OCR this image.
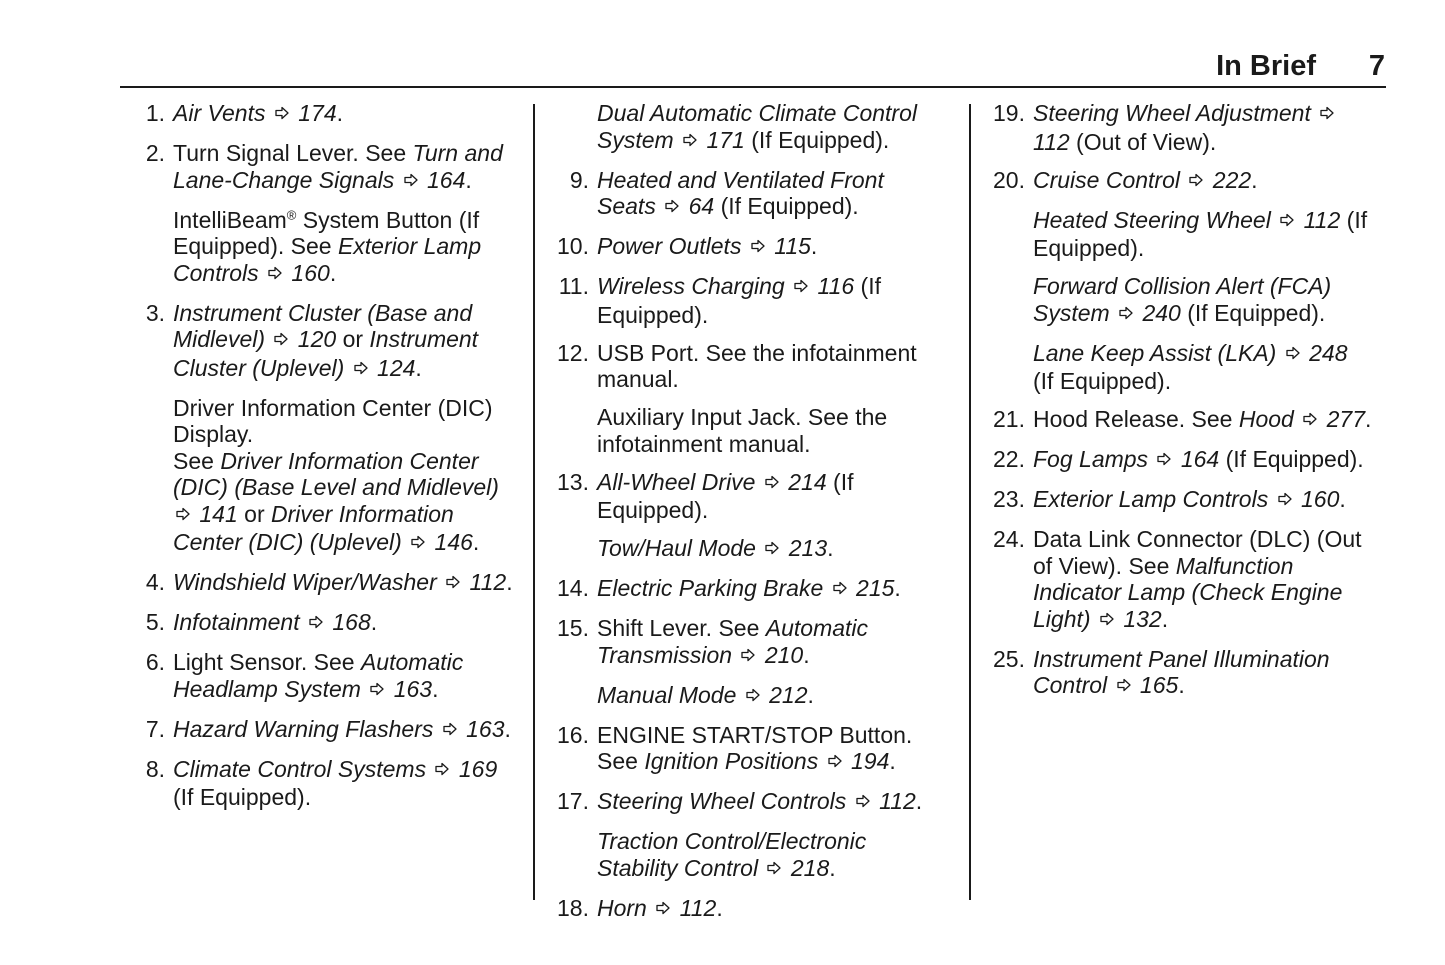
In Brief 7
1. Air Vents  174.

2. Turn Signal Lever. See Turn and Lane-Change Signals  164.

IntelliBeam® System Button (If Equipped). See Exterior Lamp Controls  160.

3. Instrument Cluster (Base and Midlevel)  120 or Instrument Cluster (Uplevel)  124.

Driver Information Center (DIC) Display.
See Driver Information Center (DIC) (Base Level and Midlevel)  141 or Driver Information Center (DIC) (Uplevel)  146.

4. Windshield Wiper/Washer  112.

5. Infotainment  168.

6. Light Sensor. See Automatic Headlamp System  163.

7. Hazard Warning Flashers  163.

8. Climate Control Systems  169 (If Equipped).

Dual Automatic Climate Control System  171 (If Equipped).

9. Heated and Ventilated Front Seats  64 (If Equipped).

10. Power Outlets  115.

11. Wireless Charging  116 (If Equipped).

12. USB Port. See the infotainment manual.

Auxiliary Input Jack. See the infotainment manual.

13. All-Wheel Drive  214 (If Equipped).

Tow/Haul Mode  213.

14. Electric Parking Brake  215.

15. Shift Lever. See Automatic Transmission  210.

Manual Mode  212.

16. ENGINE START/STOP Button. See Ignition Positions  194.

17. Steering Wheel Controls  112.

Traction Control/Electronic Stability Control  218.

18. Horn  112.

19. Steering Wheel Adjustment  112 (Out of View).

20. Cruise Control  222.

Heated Steering Wheel  112 (If Equipped).

Forward Collision Alert (FCA) System  240 (If Equipped).

Lane Keep Assist (LKA)  248 (If Equipped).

21. Hood Release. See Hood  277.

22. Fog Lamps  164 (If Equipped).

23. Exterior Lamp Controls  160.

24. Data Link Connector (DLC) (Out of View). See Malfunction Indicator Lamp (Check Engine Light)  132.

25. Instrument Panel Illumination Control  165.
